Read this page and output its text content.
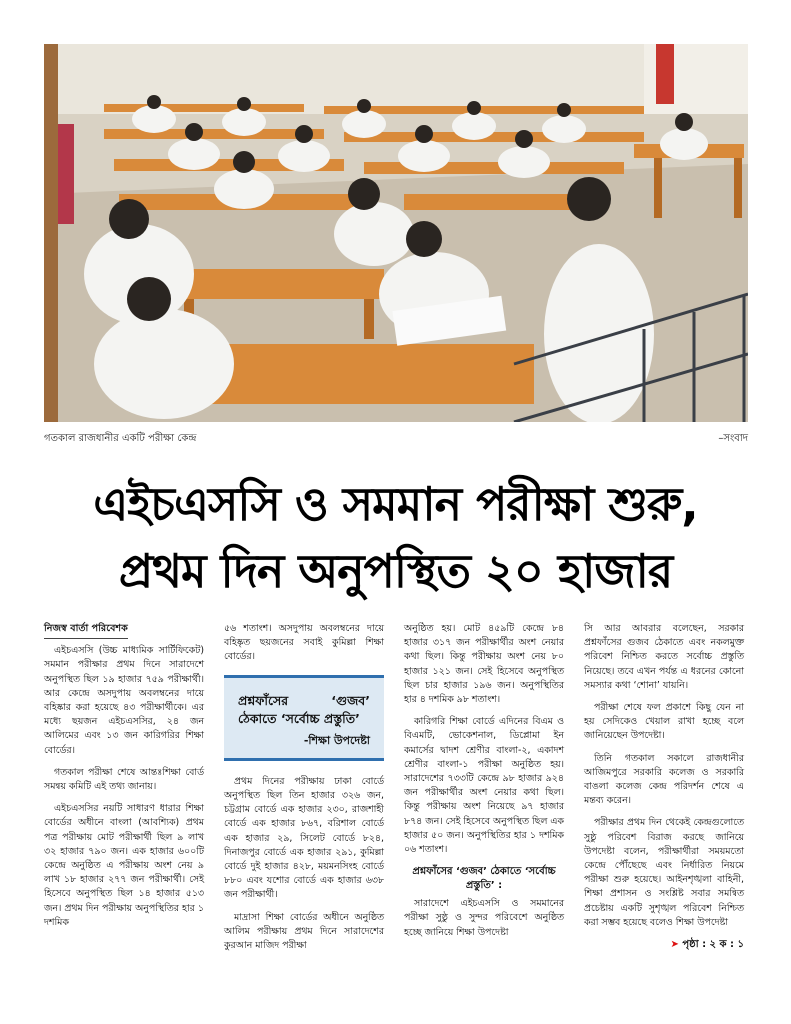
গতকাল রাজধানীর একটি পরীক্ষা কেন্দ্র	–সংবাদ
এইচএসসি ও সমমান পরীক্ষা শুরু,
প্রথম দিন অনুপস্থিত ২০ হাজার
নিজস্ব বার্তা পরিবেশক

এইচএসসি (উচ্চ মাধ্যমিক সার্টিফিকেট) সমমান পরীক্ষার প্রথম দিনে সারাদেশে অনুপস্থিত ছিল ১৯ হাজার ৭৫৯ পরীক্ষার্থী। আর কেন্দ্রে অসদুপায় অবলম্বনের দায়ে বহিষ্কার করা হয়েছে ৪৩ পরীক্ষার্থীকে। এর মধ্যে ছয়জন এইচএসসির, ২৪ জন আলিমের এবং ১৩ জন কারিগরির শিক্ষা বোর্ডের।

গতকাল পরীক্ষা শেষে আন্তঃশিক্ষা বোর্ড সমন্বয় কমিটি এই তথ্য জানায়।

এইচএসসির নয়টি সাধারণ ধারার শিক্ষা বোর্ডের অধীনে বাংলা (আবশ্যিক) প্রথম পত্র পরীক্ষায় মোট পরীক্ষার্থী ছিল ৯ লাখ ৩২ হাজার ৭৯০ জন। এক হাজার ৬০০টি কেন্দ্রে অনুষ্ঠিত এ পরীক্ষায় অংশ নেয় ৯ লাখ ১৮ হাজার ২৭৭ জন পরীক্ষার্থী। সেই হিসেবে অনুপস্থিত ছিল ১৪ হাজার ৫১৩ জন। প্রথম দিন পরীক্ষায় অনুপস্থিতির হার ১ দশমিক

৫৬ শতাংশ। অসদুপায় অবলম্বনের দায়ে বহিষ্কৃত ছয়জনের সবাই কুমিল্লা শিক্ষা বোর্ডের।

প্রশ্নফাঁসের ‘গুজব’ ঠেকাতে ‘সর্বোচ্চ প্রস্তুতি’
-শিক্ষা উপদেষ্টা

প্রথম দিনের পরীক্ষায় ঢাকা বোর্ডে অনুপস্থিত ছিল তিন হাজার ৩২৬ জন, চট্টগ্রাম বোর্ডে এক হাজার ২৩০, রাজশাহী বোর্ডে এক হাজার ৮৬৭, বরিশাল বোর্ডে এক হাজার ২৯, সিলেট বোর্ডে ৮২৪, দিনাজপুর বোর্ডে এক হাজার ২৯১, কুমিল্লা বোর্ডে দুই হাজার ৪২৮, ময়মনসিংহ বোর্ডে ৮৮০ এবং যশোর বোর্ডে এক হাজার ৬৩৮ জন পরীক্ষার্থী।

মাদ্রাসা শিক্ষা বোর্ডের অধীনে অনুষ্ঠিত আলিম পরীক্ষায় প্রথম দিনে সারাদেশের কুরআন মাজিদ পরীক্ষা

অনুষ্ঠিত হয়। মোট ৪৫৯টি কেন্দ্রে ৮৪ হাজার ৩১৭ জন পরীক্ষার্থীর অংশ নেয়ার কথা ছিল। কিন্তু পরীক্ষায় অংশ নেয় ৮০ হাজার ১২১ জন। সেই হিসেবে অনুপস্থিত ছিল চার হাজার ১৯৬ জন। অনুপস্থিতির হার ৪ দশমিক ৯৮ শতাংশ।

কারিগরি শিক্ষা বোর্ডে এদিনের বিএম ও বিএমটি, ভোকেশনাল, ডিপ্লোমা ইন কমার্সের দ্বাদশ শ্রেণীর বাংলা-২, একাদশ শ্রেণীর বাংলা-১ পরীক্ষা অনুষ্ঠিত হয়। সারাদেশের ৭৩৩টি কেন্দ্রে ৯৮ হাজার ৯২৪ জন পরীক্ষার্থীর অংশ নেয়ার কথা ছিল। কিন্তু পরীক্ষায় অংশ নিয়েছে ৯৭ হাজার ৮৭৪ জন। সেই হিসেবে অনুপস্থিত ছিল এক হাজার ৫০ জন। অনুপস্থিতির হার ১ দশমিক ০৬ শতাংশ।

প্রশ্নফাঁসের ‘গুজব’ ঠেকাতে ‘সর্বোচ্চ প্রস্তুতি’ :

সারাদেশে এইচএসসি ও সমমানের পরীক্ষা সুষ্ঠু ও সুন্দর পরিবেশে অনুষ্ঠিত হচ্ছে জানিয়ে শিক্ষা উপদেষ্টা

সি আর আবরার বলেছেন, সরকার প্রশ্নফাঁসের গুজব ঠেকাতে এবং নকলমুক্ত পরিবেশ নিশ্চিত করতে সর্বোচ্চ প্রস্তুতি নিয়েছে। তবে এখন পর্যন্ত এ ধরনের কোনো সমস্যার কথা ‘শোনা’ যায়নি।

পরীক্ষা শেষে ফল প্রকাশে কিছু যেন না হয় সেদিকেও খেয়াল রাখা হচ্ছে বলে জানিয়েছেন উপদেষ্টা।

তিনি গতকাল সকালে রাজধানীর আজিমপুরে সরকারি কলেজ ও সরকারি বাঙলা কলেজ কেন্দ্র পরিদর্শন শেষে এ মন্তব্য করেন।

পরীক্ষার প্রথম দিন থেকেই কেন্দ্রগুলোতে সুষ্ঠু পরিবেশ বিরাজ করছে জানিয়ে উপদেষ্টা বলেন, পরীক্ষার্থীরা সময়মতো কেন্দ্রে পৌঁছেছে এবং নির্ধারিত নিয়মে পরীক্ষা শুরু হয়েছে। আইনশৃঙ্খলা বাহিনী, শিক্ষা প্রশাসন ও সংশ্লিষ্ট সবার সমন্বিত প্রচেষ্টায় একটি সুশৃঙ্খল পরিবেশ নিশ্চিত করা সম্ভব হয়েছে বলেও শিক্ষা উপদেষ্টা

➤ পৃষ্ঠা : ২ ক : ১
